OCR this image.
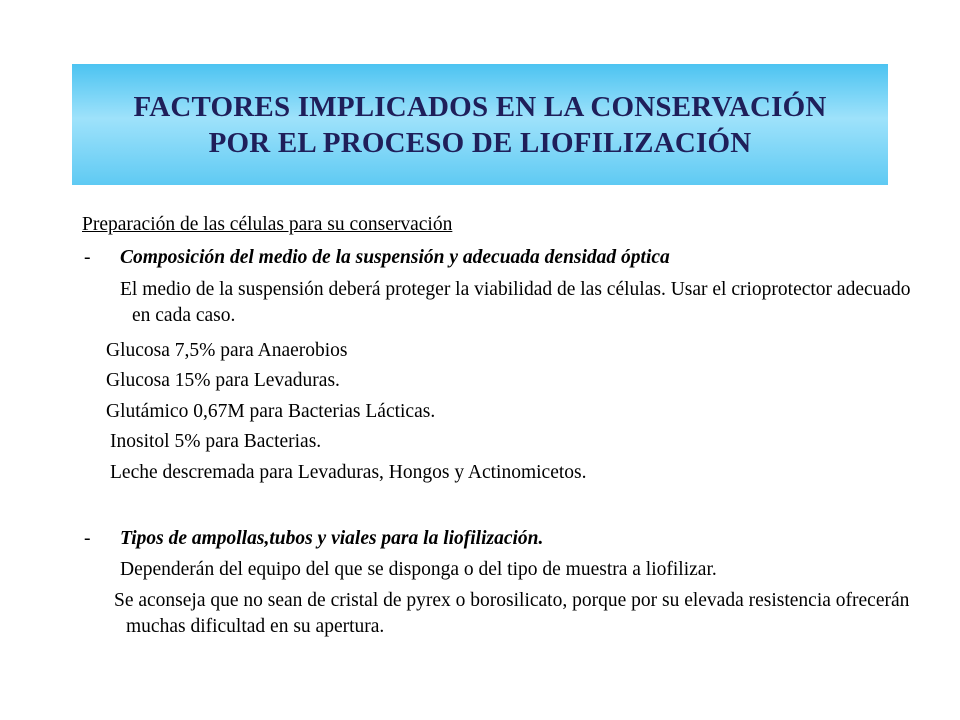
FACTORES IMPLICADOS EN LA CONSERVACIÓN
POR EL PROCESO DE LIOFILIZACIÓN
Preparación de las células para su conservación
- Composición del medio de la suspensión y adecuada densidad óptica
El medio de la suspensión deberá proteger la viabilidad de las células. Usar el crioprotector adecuado en cada caso.
Glucosa 7,5% para Anaerobios
Glucosa 15% para Levaduras.
Glutámico 0,67M para Bacterias Lácticas.
Inositol 5% para Bacterias.
Leche descremada para Levaduras, Hongos y Actinomicetos.
- Tipos de ampollas,tubos y viales para la liofilización.
Dependerán del equipo del que se disponga o del tipo de muestra a liofilizar.
Se aconseja que no sean de cristal de pyrex o borosilicato, porque por su elevada resistencia ofrecerán muchas dificultad en su apertura.
